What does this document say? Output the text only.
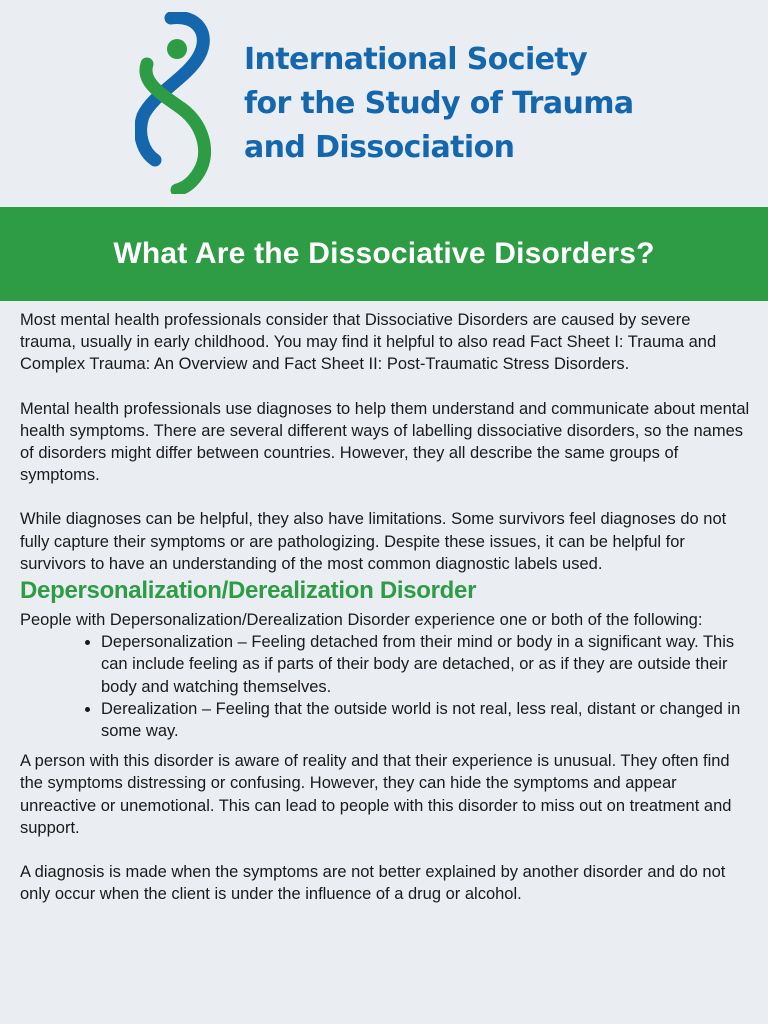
International Society
for the Study of Trauma
and Dissociation
What Are the Dissociative Disorders?

Most mental health professionals consider that Dissociative Disorders are caused by severe trauma, usually in early childhood. You may find it helpful to also read Fact Sheet I: Trauma and Complex Trauma: An Overview and Fact Sheet II: Post-Traumatic Stress Disorders.

Mental health professionals use diagnoses to help them understand and communicate about mental health symptoms. There are several different ways of labelling dissociative disorders, so the names of disorders might differ between countries. However, they all describe the same groups of symptoms.

While diagnoses can be helpful, they also have limitations. Some survivors feel diagnoses do not fully capture their symptoms or are pathologizing. Despite these issues, it can be helpful for survivors to have an understanding of the most common diagnostic labels used.

Depersonalization/Derealization Disorder

People with Depersonalization/Derealization Disorder experience one or both of the following:

• Depersonalization – Feeling detached from their mind or body in a significant way. This can include feeling as if parts of their body are detached, or as if they are outside their body and watching themselves.
• Derealization – Feeling that the outside world is not real, less real, distant or changed in some way.

A person with this disorder is aware of reality and that their experience is unusual. They often find the symptoms distressing or confusing. However, they can hide the symptoms and appear unreactive or unemotional. This can lead to people with this disorder to miss out on treatment and support.

A diagnosis is made when the symptoms are not better explained by another disorder and do not only occur when the client is under the influence of a drug or alcohol.
